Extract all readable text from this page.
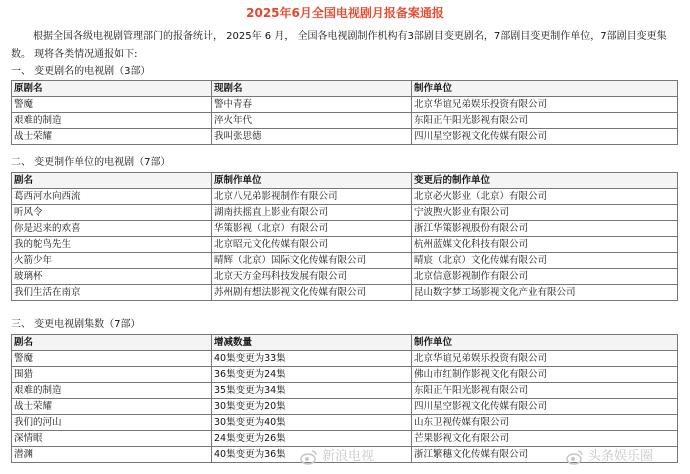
2025年6月全国电视剧月报备案通报
根据全国各级电视剧管理部门的报备统计， 2025年 6 月， 全国各电视剧制作机构有3部剧目变更剧名，7部剧目变更制作单位，7部剧目变更集数。 现将各类情况通报如下:
一、 变更剧名的电视剧（3部）
原剧名	现剧名	制作单位
警魔	警中青春	北京华谊兄弟娱乐投资有限公司
艰难的制造	淬火年代	东阳正午阳光影视有限公司
战士荣耀	我叫张思德	四川星空影视文化传媒有限公司
二、 变更制作单位的电视剧（7部）
剧名	原制作单位	变更后的制作单位
葛西河水向西流	北京八兄弟影视制作有限公司	北京必火影业（北京）有限公司
听风令	湖南扶摇直上影业有限公司	宁波煦火影业有限公司
你是迟来的欢喜	华策影视（北京）有限公司	浙江华策影视股份有限公司
我的鸵鸟先生	北京昭元文化传媒有限公司	杭州蓝媒文化科技有限公司
火箭少年	晴辉（北京）国际文化传媒有限公司	晴宸（北京）文化传媒有限公司
玻璃杯	北京天方金玛科技发展有限公司	北京信意影视制作有限公司
我们生活在南京	苏州剧有想法影视文化传媒有限公司	昆山数字梦工场影视文化产业有限公司
三、 变更电视剧集数（7部）
剧名	增减数量	制作单位
警魔	40集变更为33集	北京华谊兄弟娱乐投资有限公司
围猎	36集变更为24集	佛山市红制作影视文化有限公司
艰难的制造	35集变更为34集	东阳正午阳光影视有限公司
战士荣耀	30集变更为20集	四川星空影视文化传媒有限公司
我们的河山	30集变更为40集	山东卫视传媒有限公司
深情眼	24集变更为26集	芒果影视文化有限公司
潜渊	40集变更为36集	浙江繁穗文化传媒有限公司
新浪电视	头条娱乐圈
